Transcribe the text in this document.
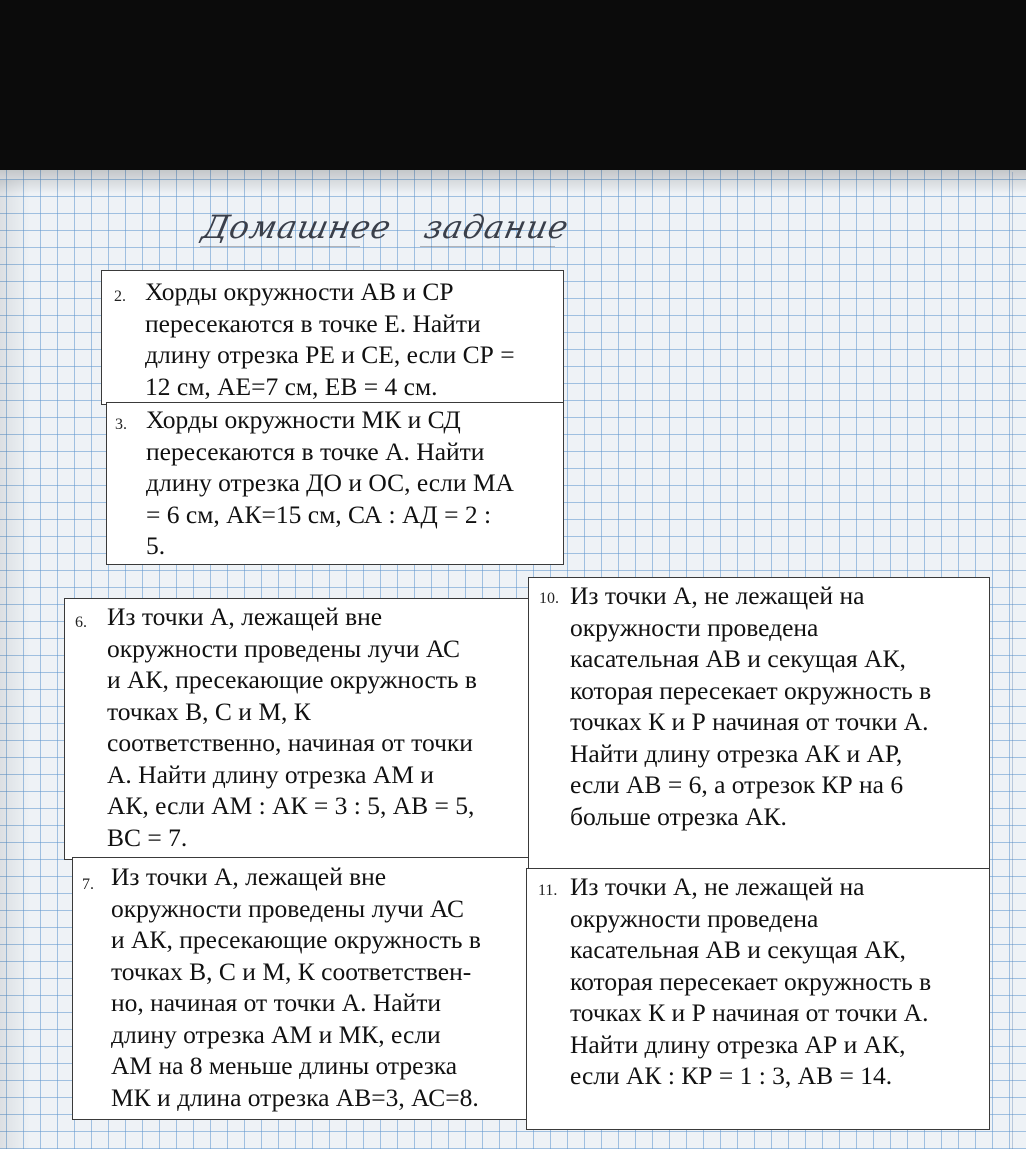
Домашнее задание
2. Хорды окружности АВ и СР
пересекаются в точке Е. Найти
длину отрезка РЕ и СЕ, если СР =
12 см, АЕ=7 см, ЕВ = 4 см.
3. Хорды окружности МК и СД
пересекаются в точке А. Найти
длину отрезка ДО и ОС, если МА
= 6 см, АК=15 см, СА : АД = 2 :
5.
6. Из точки А, лежащей вне
окружности проведены лучи АС
и АК, пресекающие окружность в
точках В, С и М, К
соответственно, начиная от точки
А. Найти длину отрезка АМ и
АК, если АМ : АК = 3 : 5, АВ = 5,
ВС = 7.
7. Из точки А, лежащей вне
окружности проведены лучи АС
и АК, пресекающие окружность в
точках В, С и М, К соответствен-
но, начиная от точки А. Найти
длину отрезка АМ и МК, если
АМ на 8 меньше длины отрезка
МК и длина отрезка АВ=3, АС=8.
10. Из точки А, не лежащей на
окружности проведена
касательная АВ и секущая АК,
которая пересекает окружность в
точках К и Р начиная от точки А.
Найти длину отрезка АК и АР,
если АВ = 6, а отрезок КР на 6
больше отрезка АК.
11. Из точки А, не лежащей на
окружности проведена
касательная АВ и секущая АК,
которая пересекает окружность в
точках К и Р начиная от точки А.
Найти длину отрезка АР и АК,
если АК : КР = 1 : 3, АВ = 14.
